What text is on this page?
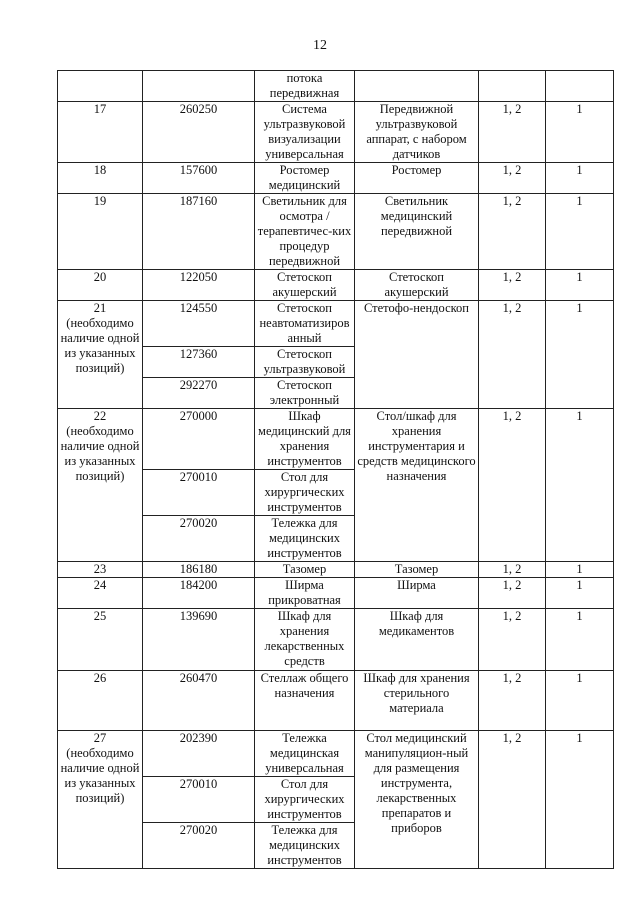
12
		потока передвижная			
17	260250	Система ультразвуковой визуализации универсальная	Передвижной ультразвуковой аппарат, с набором датчиков	1, 2	1
18	157600	Ростомер медицинский	Ростомер	1, 2	1
19	187160	Светильник для осмотра /терапевтичес-ких процедур передвижной	Светильник медицинский передвижной	1, 2	1
20	122050	Стетоскоп акушерский	Стетоскоп акушерский	1, 2	1
21 (необходимо наличие одной из указанных позиций)	124550	Стетоскоп неавтоматизиров анный	Стетофо-нендоскоп	1, 2	1
	127360	Стетоскоп ультразвуковой			
	292270	Стетоскоп электронный			
22 (необходимо наличие одной из указанных позиций)	270000	Шкаф медицинский для хранения инструментов	Стол/шкаф для хранения инструментария и средств медицинского назначения	1, 2	1
	270010	Стол для хирургических инструментов			
	270020	Тележка для медицинских инструментов			
23	186180	Тазомер	Тазомер	1, 2	1
24	184200	Ширма прикроватная	Ширма	1, 2	1
25	139690	Шкаф для хранения лекарственных средств	Шкаф для медикаментов	1, 2	1
26	260470	Стеллаж общего назначения	Шкаф для хранения стерильного материала	1, 2	1
27 (необходимо наличие одной из указанных позиций)	202390	Тележка медицинская универсальная	Стол медицинский манипуляцион-ный для размещения инструмента, лекарственных препаратов и приборов	1, 2	1
	270010	Стол для хирургических инструментов			
	270020	Тележка для медицинских инструментов			
